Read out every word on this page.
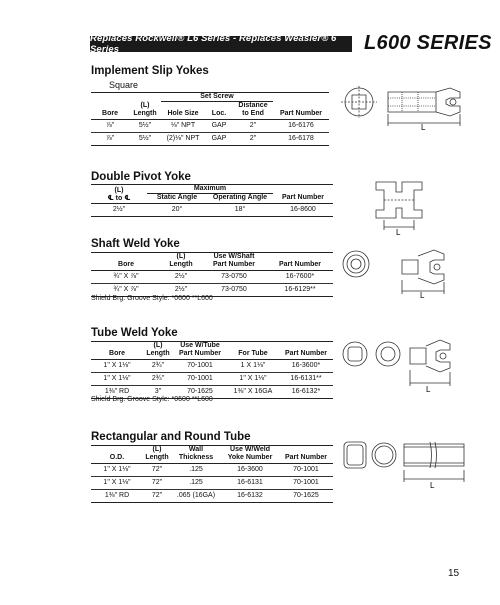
Replaces Rockwell® L6 Series - Replaces Weasler® 6 Series	L600 SERIES
Implement Slip Yokes
Square
		Set Screw			
Bore	(L)
Length	Hole Size	Loc.	Distance
to End	Part Number
⅞"	5½"	⅛" NPT	GAP	2"	16-6176
⅞"	5½"	(2)⅛" NPT	GAP	2"	16-6178
L
Double Pivot Yoke
(L)
℄ to ℄	Maximum		
	Static Angle	Operating Angle	Part Number
2½"	20°	18°	16-8600
L
Shaft Weld Yoke
Bore	(L)
Length	Use W/Shaft
Part Number	Part Number
¾" X ⅞"	2½"	73-0750	16-7600*
¾" X ⅞"	2½"	73-0750	16-6129**
Shield Brg. Groove Style: *0600 **L600	L
Tube Weld Yoke
Bore	(L)
Length	Use W/Tube
Part Number	For Tube	Part Number
1" X 1⅛"	2¾"	70-1001	1 X 1⅛"	16-3600*
1" X 1⅛"	2¾"	70-1001	1" X 1⅛"	16-6131**
1⅜" RD	3"	70-1625	1⅜" X 16GA	16-6132*
Shield Brg. Groove Style: *0600 **L600
L
Rectangular and Round Tube
O.D.	(L)
Length	Wall
Thickness	Use W/Weld
Yoke Number	Part Number
1" X 1⅛"	72"	.125	16-3600	70-1001
1" X 1⅛"	72"	.125	16-6131	70-1001
1⅜" RD	72"	.065 (16GA)	16-6132	70-1625
L
15
